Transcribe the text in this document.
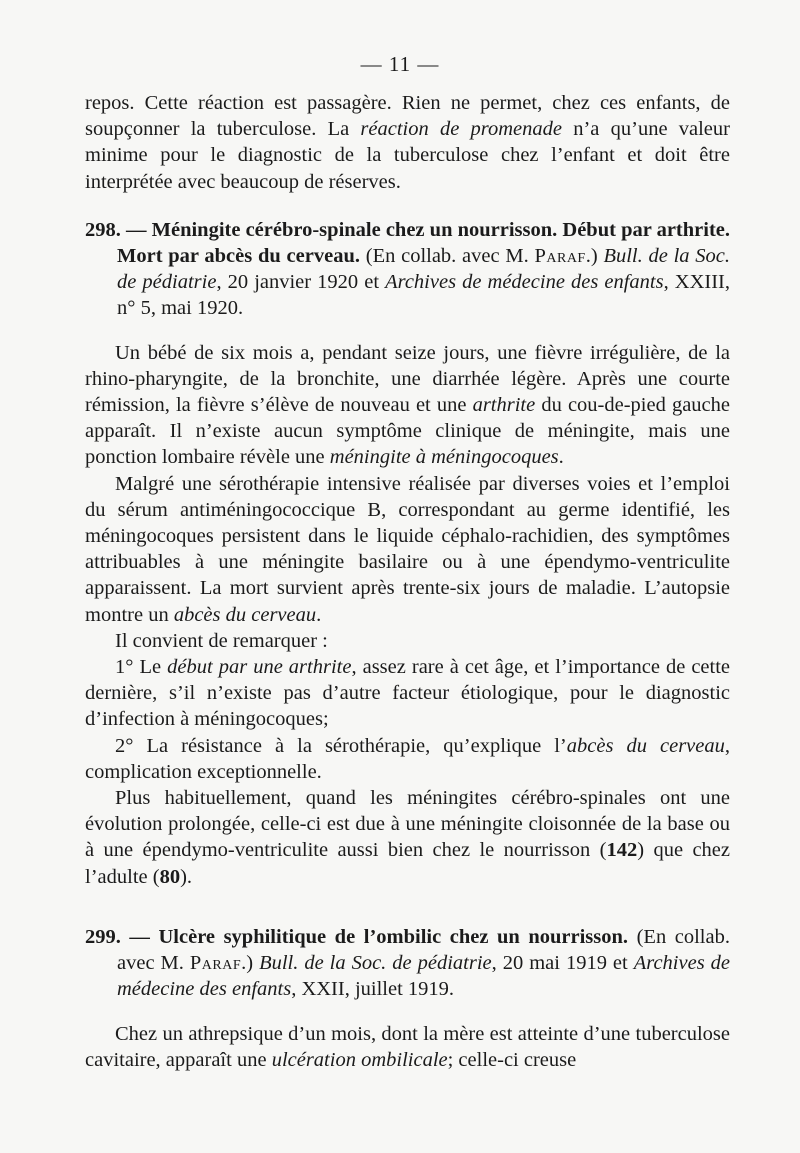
— 11 —

repos. Cette réaction est passagère. Rien ne permet, chez ces enfants, de soupçonner la tuberculose. La réaction de promenade n’a qu’une valeur minime pour le diagnostic de la tuberculose chez l’enfant et doit être interprétée avec beaucoup de réserves.

298. — Méningite cérébro-spinale chez un nourrisson. Début par arthrite. Mort par abcès du cerveau. (En collab. avec M. Paraf.) Bull. de la Soc. de pédiatrie, 20 janvier 1920 et Archives de médecine des enfants, XXIII, n° 5, mai 1920.

Un bébé de six mois a, pendant seize jours, une fièvre irrégulière, de la rhino-pharyngite, de la bronchite, une diarrhée légère. Après une courte rémission, la fièvre s’élève de nouveau et une arthrite du cou-de-pied gauche apparaît. Il n’existe aucun symptôme clinique de méningite, mais une ponction lombaire révèle une méningite à méningocoques.

Malgré une sérothérapie intensive réalisée par diverses voies et l’emploi du sérum antiméningococcique B, correspondant au germe identifié, les méningocoques persistent dans le liquide céphalo-rachidien, des symptômes attribuables à une méningite basilaire ou à une épendymo-ventriculite apparaissent. La mort survient après trente-six jours de maladie. L’autopsie montre un abcès du cerveau.

Il convient de remarquer :

1° Le début par une arthrite, assez rare à cet âge, et l’importance de cette dernière, s’il n’existe pas d’autre facteur étiologique, pour le diagnostic d’infection à méningocoques;

2° La résistance à la sérothérapie, qu’explique l’abcès du cerveau, complication exceptionnelle.

Plus habituellement, quand les méningites cérébro-spinales ont une évolution prolongée, celle-ci est due à une méningite cloisonnée de la base ou à une épendymo-ventriculite aussi bien chez le nourrisson (142) que chez l’adulte (80).

299. — Ulcère syphilitique de l’ombilic chez un nourrisson. (En collab. avec M. Paraf.) Bull. de la Soc. de pédiatrie, 20 mai 1919 et Archives de médecine des enfants, XXII, juillet 1919.

Chez un athrepsique d’un mois, dont la mère est atteinte d’une tuberculose cavitaire, apparaît une ulcération ombilicale; celle-ci creuse
